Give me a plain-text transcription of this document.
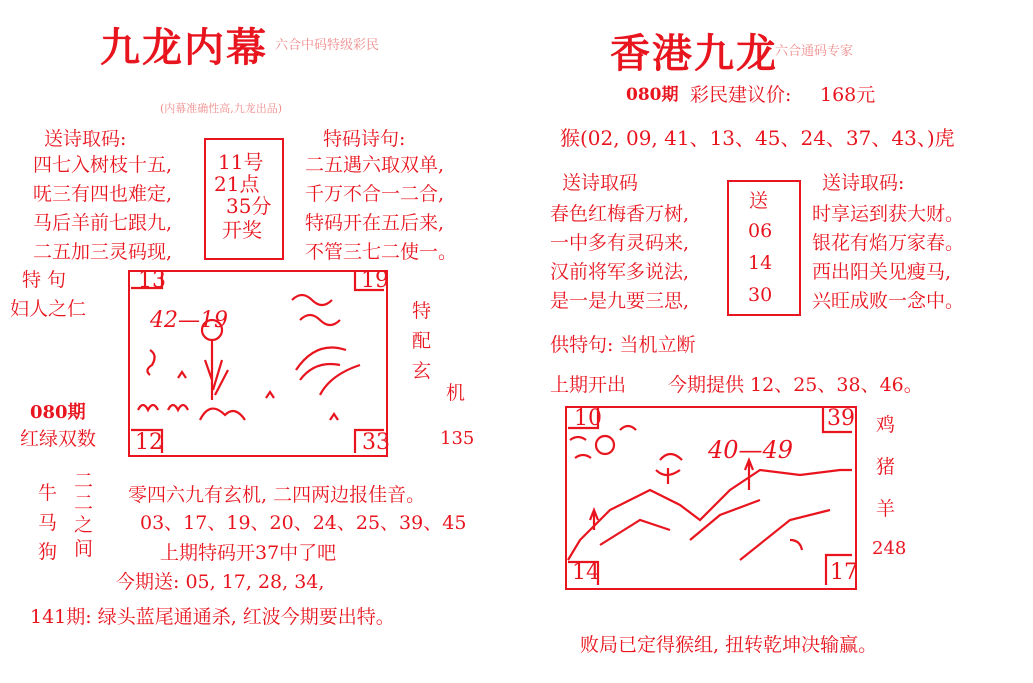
九龙内幕 六合中码特级彩民
(内幕准确性高,九龙出品)
送诗取码:
四七入树枝十五,
呒三有四也难定,
马后羊前七跟九,
二五加三灵码现,
11号
21点
35分
开奖
特码诗句:
二五遇六取双单,
千万不合一二合,
特码开在五后来,
不管三七二使一。
特 句
妇人之仁
080期
红绿双数
13	19
12	33
42—19	特
配
玄
机
135
牛
马
狗
二
二
之
间
零四六九有玄机, 二四两边报佳音。
03、17、19、20、24、25、39、45
上期特码开37中了吧
今期送: 05, 17, 28, 34,
141期: 绿头蓝尾通通杀, 红波今期要出特。
香港九龙
六合通码专家
080期 彩民建议价: 168元
猴(02, 09, 41、13、45、24、37、43、)虎
送诗取码
春色红梅香万树,
一中多有灵码来,
汉前将军多说法,
是一是九要三思,
送
06
14
30
送诗取码:
时享运到获大财。
银花有焰万家春。
西出阳关见瘦马,
兴旺成败一念中。
供特句: 当机立断
上期开出 今期提供 12、25、38、46。
10	39
14	17
40—49
鸡
猪
羊
248
败局已定得猴组, 扭转乾坤决输赢。
